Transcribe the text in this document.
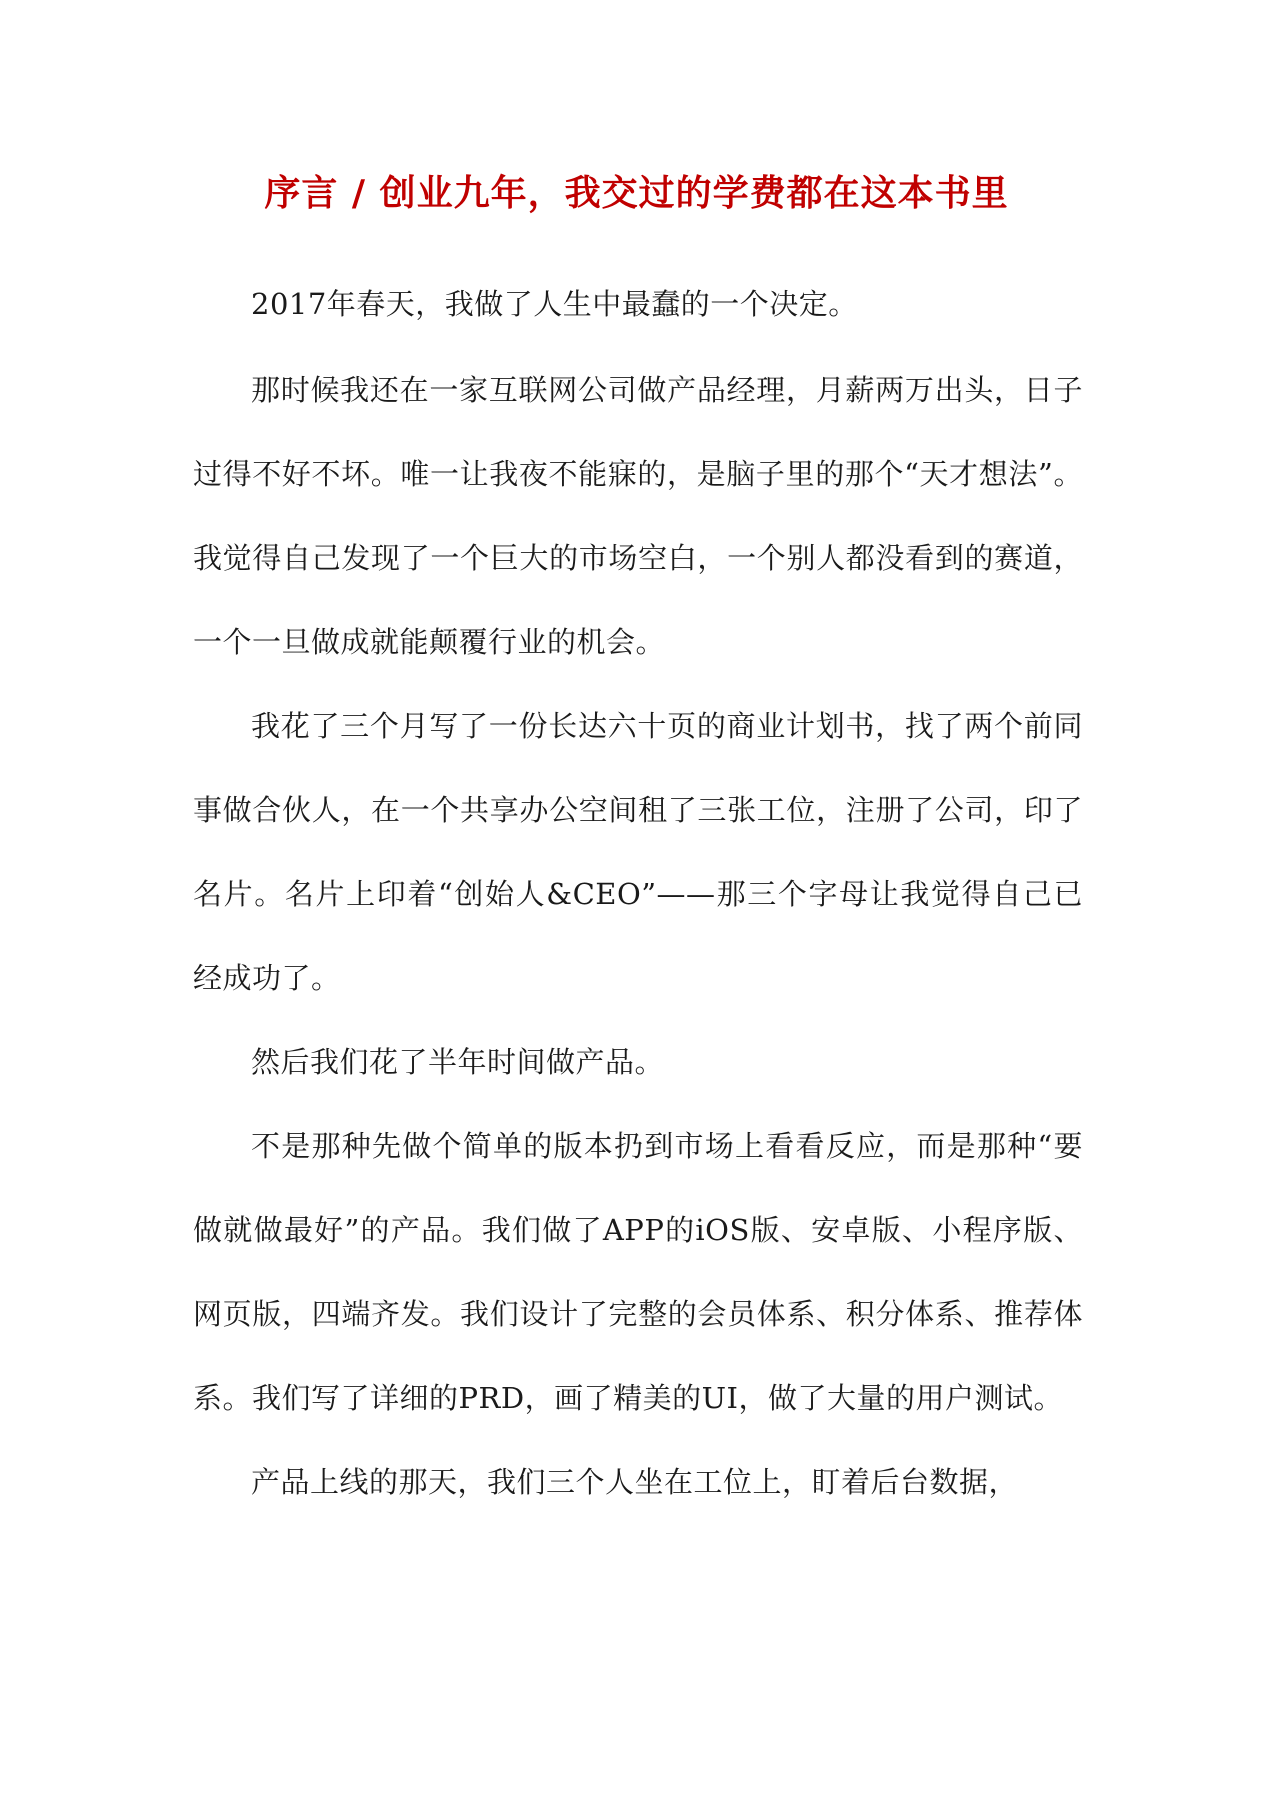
序言 / 创业九年，我交过的学费都在这本书里

2017年春天，我做了人生中最蠢的一个决定。

那时候我还在一家互联网公司做产品经理，月薪两万出头，日子过得不好不坏。唯一让我夜不能寐的，是脑子里的那个“天才想法”。我觉得自己发现了一个巨大的市场空白，一个别人都没看到的赛道，一个一旦做成就能颠覆行业的机会。

我花了三个月写了一份长达六十页的商业计划书，找了两个前同事做合伙人，在一个共享办公空间租了三张工位，注册了公司，印了名片。名片上印着“创始人&CEO”——那三个字母让我觉得自己已经成功了。

然后我们花了半年时间做产品。

不是那种先做个简单的版本扔到市场上看看反应，而是那种“要做就做最好”的产品。我们做了APP的iOS版、安卓版、小程序版、网页版，四端齐发。我们设计了完整的会员体系、积分体系、推荐体系。我们写了详细的PRD，画了精美的UI，做了大量的用户测试。

产品上线的那天，我们三个人坐在工位上，盯着后台数据，
